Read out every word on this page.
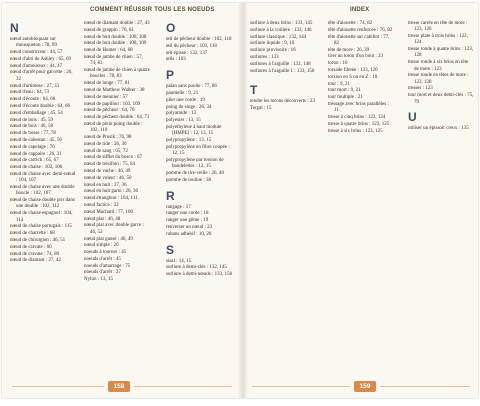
COMMENT RÉUSSIR TOUS LES NOEUDS	INDEX
N
nœud autobloquant sur mousqueton : 78, 99
nœud constricteur : 44, 57
nœud d'abri de Ashley : 65, 69
nœud d'amoureux : 44, 47
nœud d'arrêt pour garcette : 26, 32
nœud d'artimese : 27, 33
nœud d'eau : 64, 73
nœud d'écoute : 64, 66
nœud d'écoute double : 64, 66
nœud d'emballage : 45, 54
nœud de bois : 45, 59
nœud de bois : 46, 58
nœud de bosse : 77, 78
nœud de cabestan : 45, 56
nœud de capelage : 76
nœud de cappaire : 26, 31
nœud de carrick : 65, 67
nœud de chaise : 102, 106
nœud de chaise avec demi-nœud : 104, 107
nœud de chaise avec une double boucle : 102, 107
nœud de chaise double pris dans une double : 102, 112
nœud de chaise espagnol : 104, 114
nœud de chaise portugais : 115
nœud de charrette : 68
nœud de chirurgien : 46, 51
nœud de cravate : 60
nœud de cravate : 74, 80
nœud de diamant : 27, 42
nœud de diamant double : 27, 43
nœud de grappin : 76, 81
nœud de huit double : 100, 108
nœud de huit double : 100, 109
nœud de Hunter : 64, 68
nœud de jambe de chien : 57, 74, 83
nœud de jambe de chien à quatre boucles : 78, 83
nœud de longe : 77, 81
nœud de Matthew Walker : 38
nœud de meunier : 57
nœud de papillon : 103, 109
nœud de pêcheur : 64, 70
nœud de pêcheur double : 64, 71
nœud de plein poing double : 102, 110
nœud de Prusik : 76, 98
nœud de ride : 26, 30
nœud de sang : 65, 72
nœud de sifflet du bosco : 67
nœud de trésillon : 75, 84
nœud de vache : 46, 49
nœud de voleur : 46, 50
nœud en huit : 27, 36
nœud en huit garni : 26, 36
nœud étrangleur : 104, 111
nœud factice : 22
nœud Machard : 77, 100
nœud plat : 46, 48
nœud plat avec double garce : 46, 52
nœud plat gansé : 46, 49
nœud simple : 26
noeuds à tourner : 45
noeuds d'arrêt : 45
noeuds d'amarrage : 75
noeuds d'arrêt : 27
Nylon : 13, 15
O
œil de pêcheur double : 102, 118
œil du pêcheur : 103, 118
œil épissé : 132, 137
œils : 103
P
palan sans poulie : 77, 86
paumelle : 9, 21
plier une corde : 19
poing de singe : 26, 34
polyamide : 13
polyester : 13, 15
polyéthylène à haut module (HMPE) : 12, 13, 15
polypropylène : 13, 15
polypropylène en fibre coupée : 12, 15
polypropylène par torsion de bandelettes : 12, 15
pomme de tire-veille : 26, 40
pomme de touline : 38
R
rangage : 17
ranger une corde : 18
ranger une gême : 19
renverser un nœud : 23
rubans adhésif : 10, 20
S
sisal : 14, 15
surliure à demi-clés : 132, 145
surliure à demi-nœuds : 133, 150
surliure à deux brins : 133, 145
surliure à la voilière : 133, 146
surliure classique : 132, 144
surliure liquide : 9, 16
surliure provisoire : 16
surliures : 133
surliures à l'aiguille : 132, 148
surliures à l'aiguille 1 : 133, 150
T
tendre les torons découverts : 23
Tergal : 15
tête d'alouette : 74, 82
tête d'alouette renforcée : 76, 82
tête d'alouette sur cabillot : 77, 82
tête de more : 26, 39
tirer un toron d'un bout : 23
toron : 10
torsade filetée : 133, 120
torsion en S ou en Z : 10
tour : 9, 21
tour mort : 9, 21
tour multiple : 21
tressage avec brins parallèles : 11
tresse à cinq brins : 123, 124
tresse à quatre brins : 123, 125
tresse à six brins : 123, 125
tresse carrée en tête de more : 123, 126
tresse plate à trois brins : 122, 124
tresse ronde à quatre brins : 123, 128
tresse ronde à six brins en tête de more : 123
tresse ronde en têtes de more : 123, 128
tresses : 123
tour mort et deux demi-clés : 75, 79
U
utiliser un épissoir creux : 135
158	159
